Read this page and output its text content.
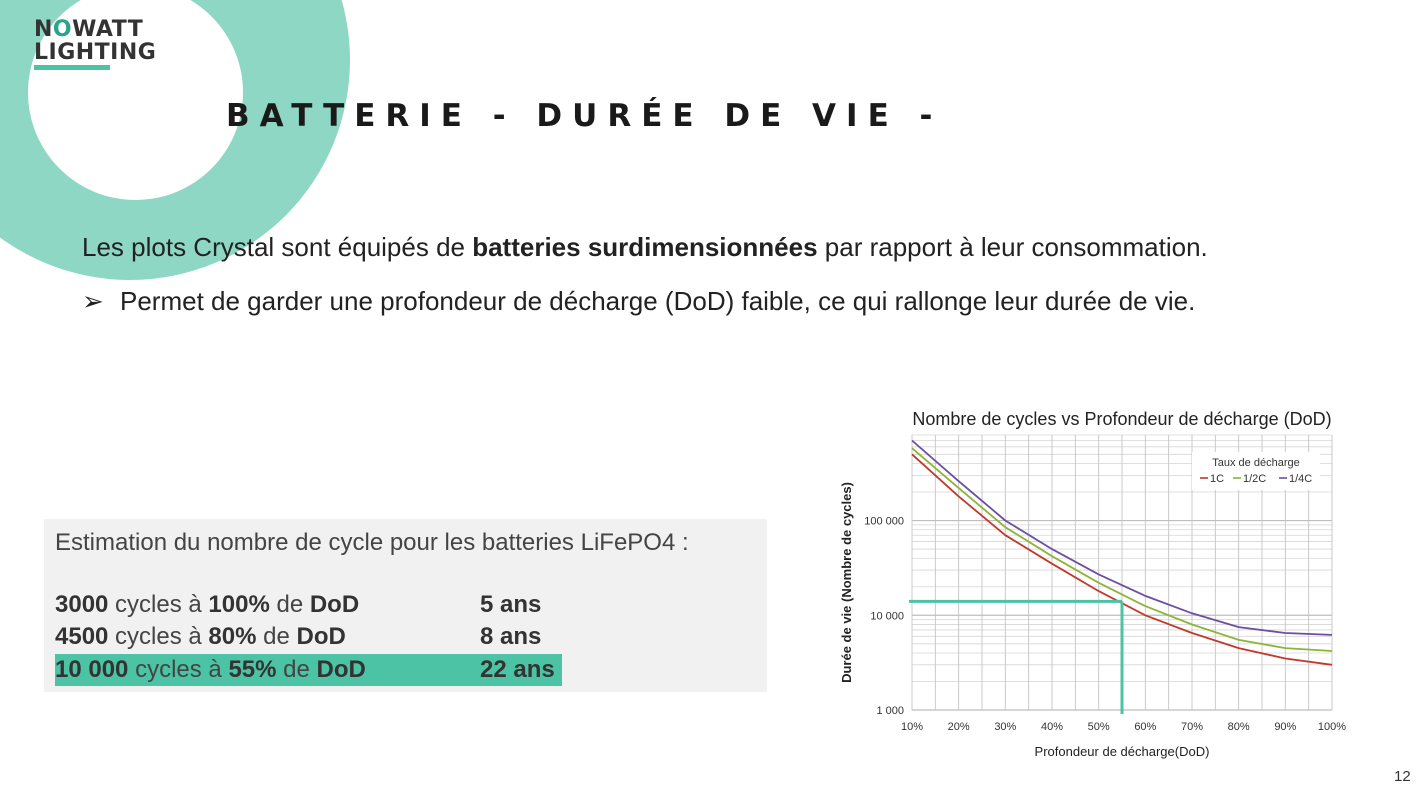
NOWATT
LIGHTING
BATTERIE - DURÉE DE VIE -
Les plots Crystal sont équipés de batteries surdimensionnées par rapport à leur consommation.
➢ Permet de garder une profondeur de décharge (DoD) faible, ce qui rallonge leur durée de vie.
Estimation du nombre de cycle pour les batteries LiFePO4 :
3000 cycles à 100% de DoD	5 ans
4500 cycles à 80% de DoD	8 ans
10 000 cycles à 55% de DoD	22 ans
10% 20% 30% 40% 50% 60% 70% 80% 90% 100%
1 000
10 000
100 000
Nombre de cycles vs Profondeur de décharge (DoD)
Profondeur de décharge(DoD)
Durée de vie (Nombre de cycles)
Taux de décharge
1C 1/2C 1/4C
12
